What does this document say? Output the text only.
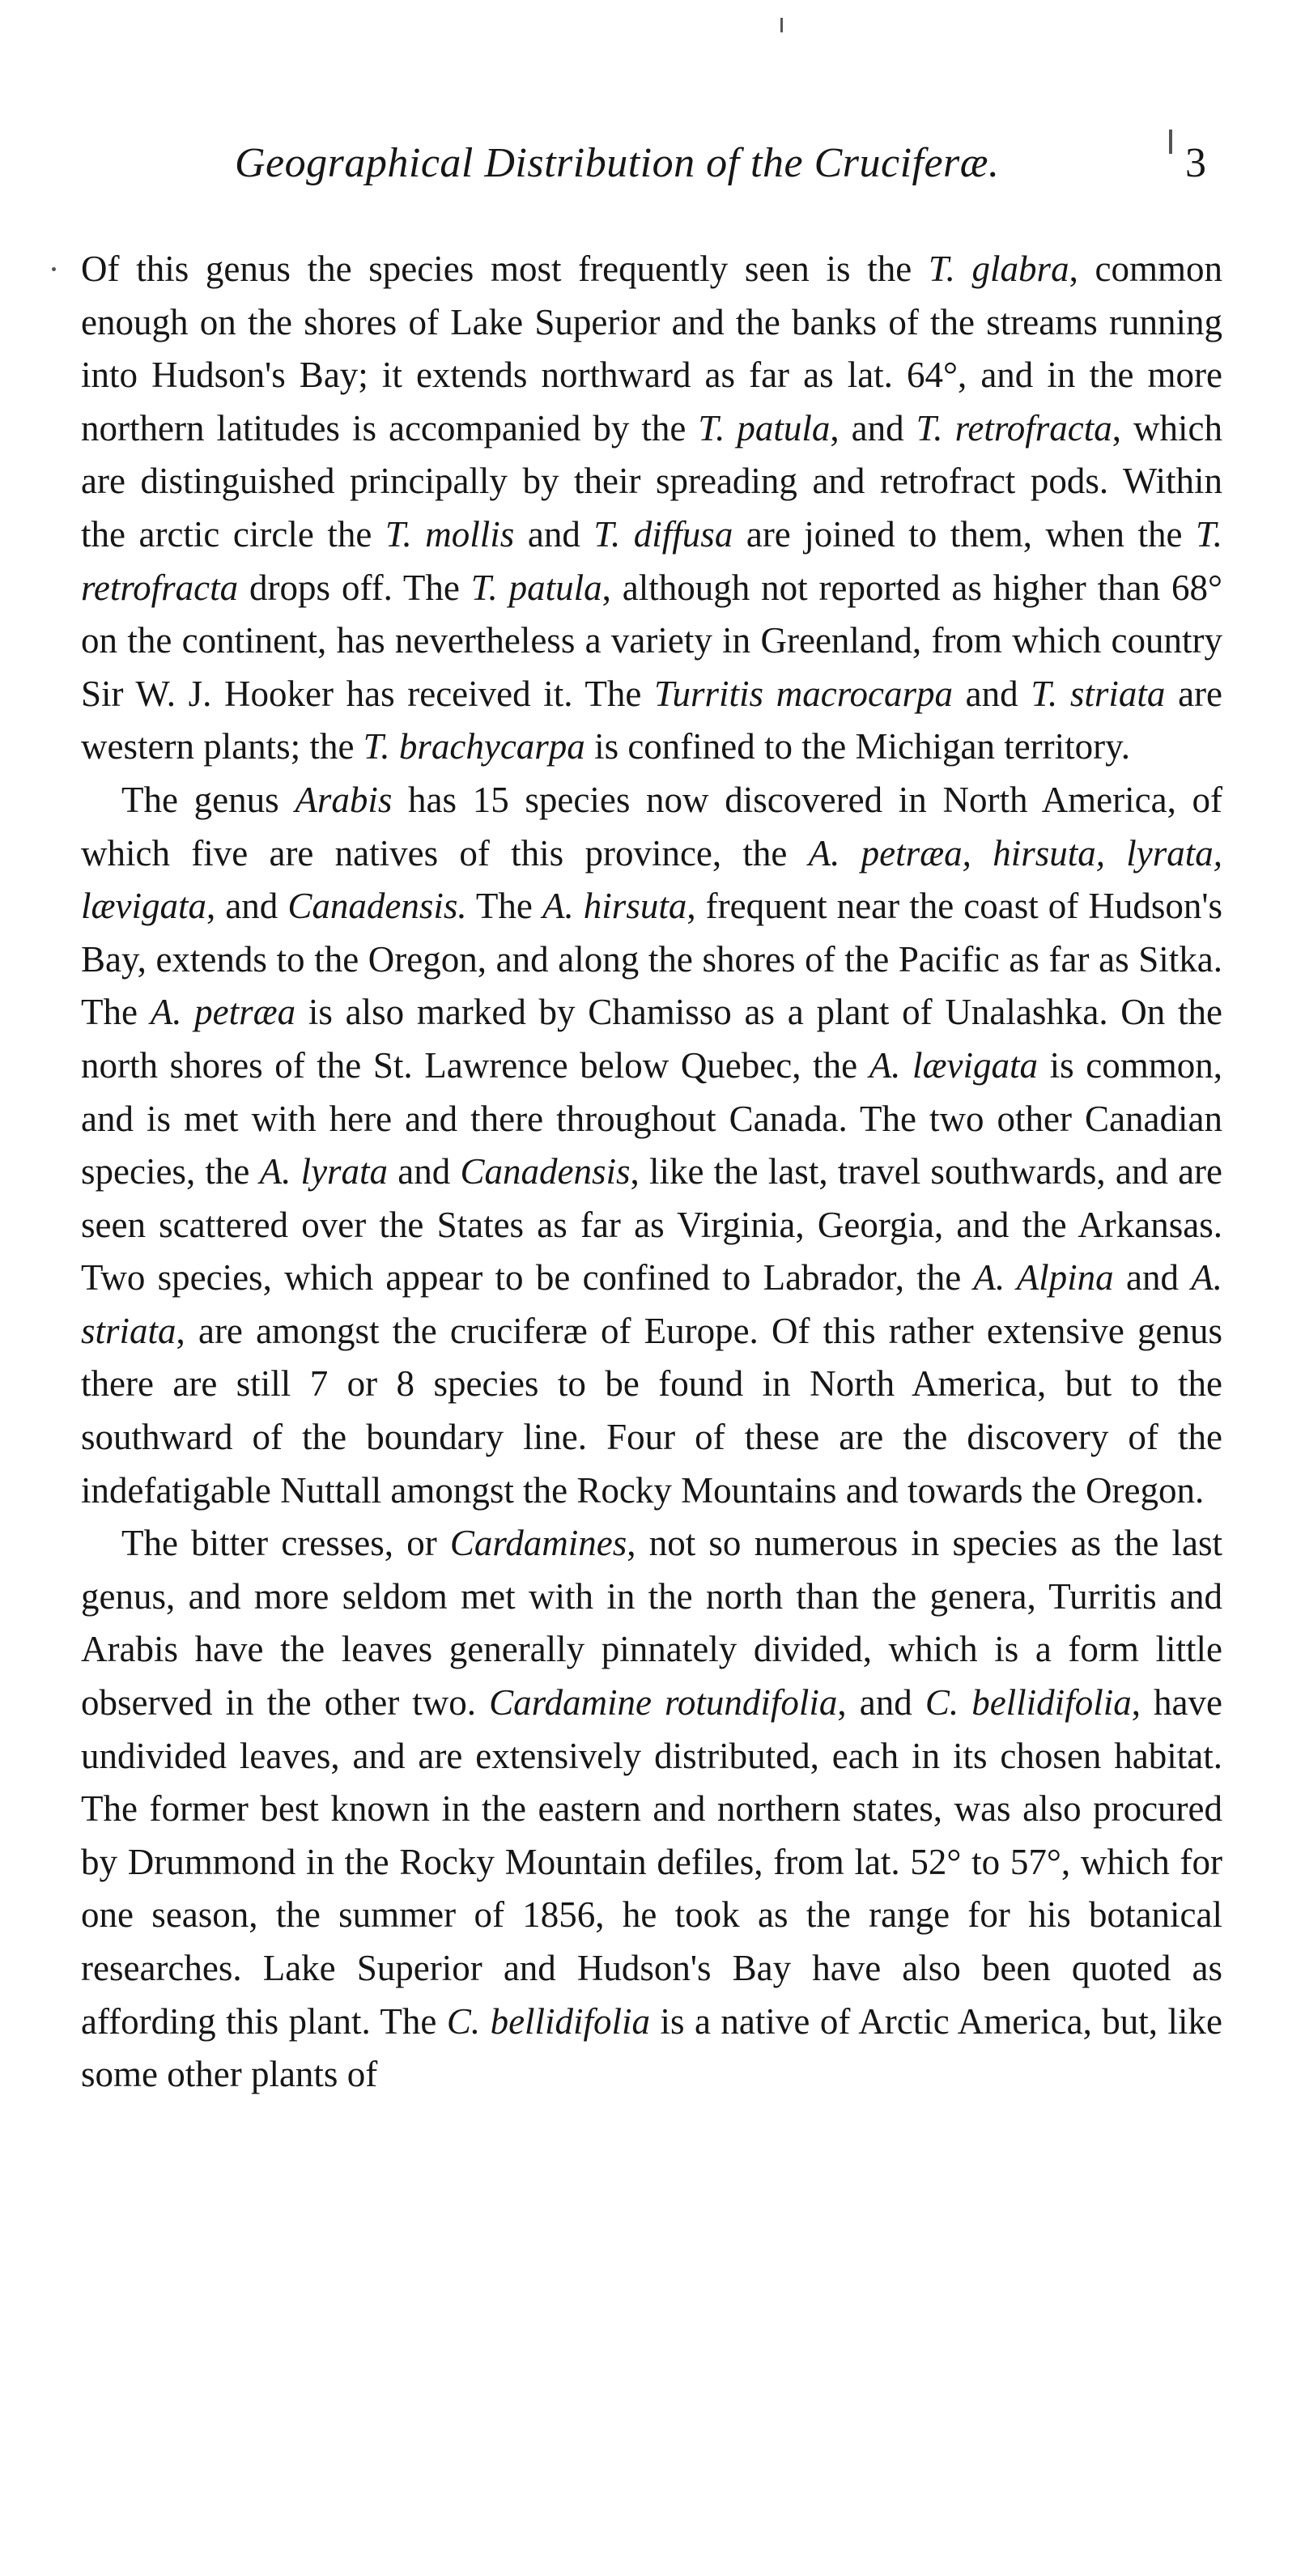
Geographical Distribution of the Cruciferæ.	3

Of this genus the species most frequently seen is the T. glabra, common enough on the shores of Lake Superior and the banks of the streams running into Hudson's Bay; it extends northward as far as lat. 64°, and in the more northern latitudes is accompanied by the T. patula, and T. retrofracta, which are distinguished principally by their spreading and retrofract pods. Within the arctic circle the T. mollis and T. diffusa are joined to them, when the T. retrofracta drops off. The T. patula, although not reported as higher than 68° on the continent, has nevertheless a variety in Greenland, from which country Sir W. J. Hooker has received it. The Turritis macrocarpa and T. striata are western plants; the T. brachycarpa is confined to the Michigan territory.

The genus Arabis has 15 species now discovered in North America, of which five are natives of this province, the A. petræa, hirsuta, lyrata, lævigata, and Canadensis. The A. hirsuta, frequent near the coast of Hudson's Bay, extends to the Oregon, and along the shores of the Pacific as far as Sitka. The A. petræa is also marked by Chamisso as a plant of Unalashka. On the north shores of the St. Lawrence below Quebec, the A. lævigata is common, and is met with here and there throughout Canada. The two other Canadian species, the A. lyrata and Canadensis, like the last, travel southwards, and are seen scattered over the States as far as Virginia, Georgia, and the Arkansas. Two species, which appear to be confined to Labrador, the A. Alpina and A. striata, are amongst the cruciferæ of Europe. Of this rather extensive genus there are still 7 or 8 species to be found in North America, but to the southward of the boundary line. Four of these are the discovery of the indefatigable Nuttall amongst the Rocky Mountains and towards the Oregon.

The bitter cresses, or Cardamines, not so numerous in species as the last genus, and more seldom met with in the north than the genera, Turritis and Arabis have the leaves generally pinnately divided, which is a form little observed in the other two. Cardamine rotundifolia, and C. bellidifolia, have undivided leaves, and are extensively distributed, each in its chosen habitat. The former best known in the eastern and northern states, was also procured by Drummond in the Rocky Mountain defiles, from lat. 52° to 57°, which for one season, the summer of 1856, he took as the range for his botanical researches. Lake Superior and Hudson's Bay have also been quoted as affording this plant. The C. bellidifolia is a native of Arctic America, but, like some other plants of
